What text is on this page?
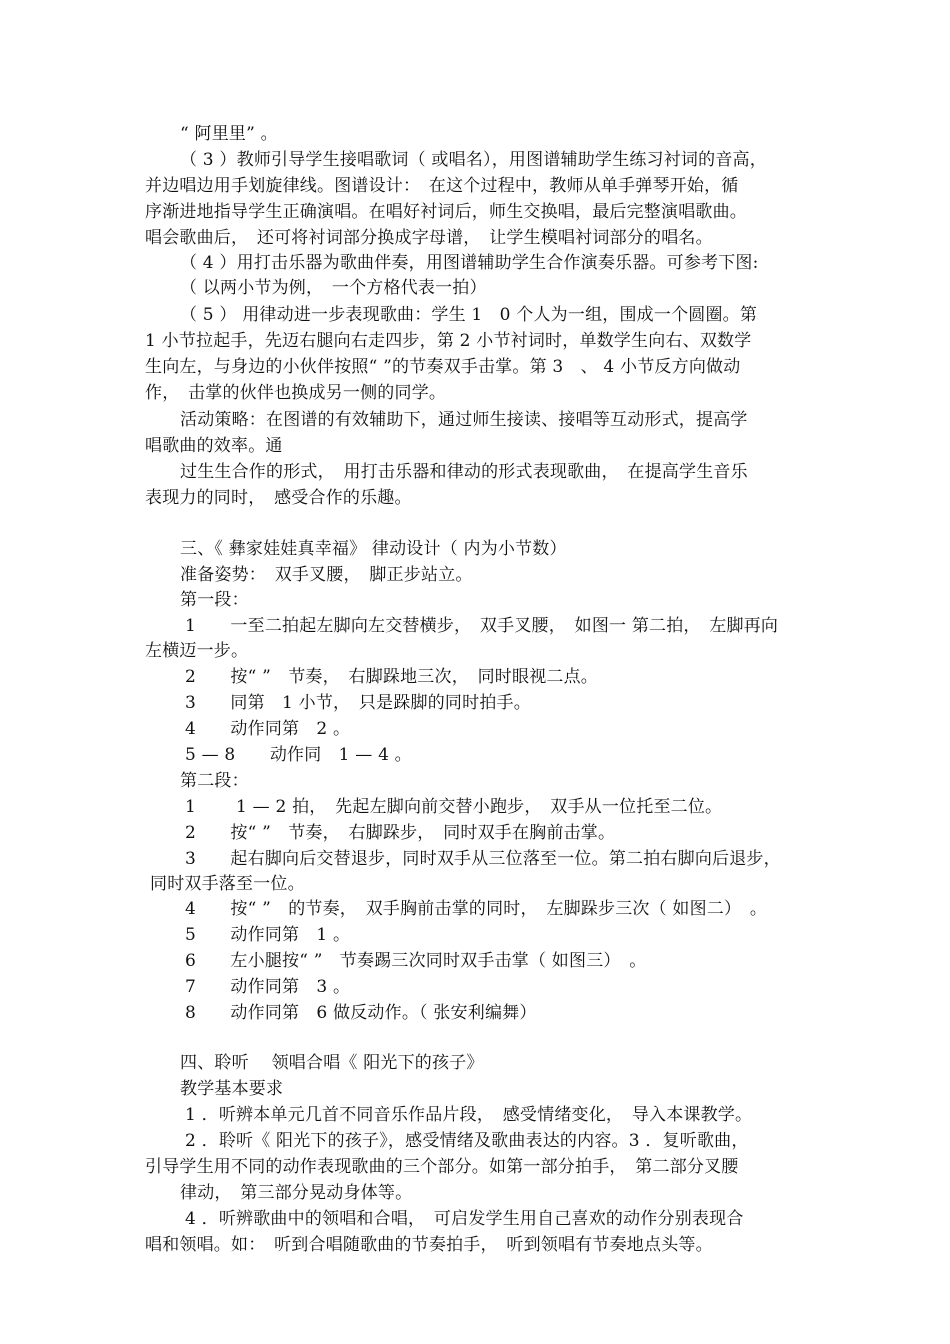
“ 阿里里” 。
（ 3 ）教师引导学生接唱歌词（ 或唱名），用图谱辅助学生练习衬词的音高，
并边唱边用手划旋律线。图谱设计：　在这个过程中，教师从单手弹琴开始，循
序渐进地指导学生正确演唱。在唱好衬词后，师生交换唱，最后完整演唱歌曲。
唱会歌曲后，　还可将衬词部分换成字母谱，　让学生模唱衬词部分的唱名。
（ 4 ）用打击乐器为歌曲伴奏，用图谱辅助学生合作演奏乐器。可参考下图:
（ 以两小节为例，　一个方格代表一拍）
（ 5 ） 用律动进一步表现歌曲：学生 1　0 个人为一组，围成一个圆圈。第
1 小节拉起手，先迈右腿向右走四步，第 2 小节衬词时，单数学生向右、双数学
生向左，与身边的小伙伴按照“ ”的节奏双手击掌。第 3　、 4 小节反方向做动
作，　击掌的伙伴也换成另一侧的同学。
活动策略：在图谱的有效辅助下，通过师生接读、接唱等互动形式，提高学
唱歌曲的效率。通
过生生合作的形式，　用打击乐器和律动的形式表现歌曲，　在提高学生音乐
表现力的同时，　感受合作的乐趣。
三、《 彝家娃娃真幸福》 律动设计（ 内为小节数）
准备姿势：　双手叉腰，　脚正步站立。
第一段：
1　　一至二拍起左脚向左交替横步，　双手叉腰，　如图一 第二拍，　左脚再向
左横迈一步。
2　　按“ ”　节奏，　右脚跺地三次，　同时眼视二点。
3　　同第　1 小节，　只是跺脚的同时拍手。
4　　动作同第　2 。
5 — 8　　动作同　1 — 4 。
第二段：
1　　 1 — 2 拍，　先起左脚向前交替小跑步，　双手从一位托至二位。
2　　按“ ”　节奏，　右脚跺步，　同时双手在胸前击掌。
3　　起右脚向后交替退步，同时双手从三位落至一位。第二拍右脚向后退步，
同时双手落至一位。
4　　按“ ”　的节奏，　双手胸前击掌的同时，　左脚跺步三次（ 如图二）　。
5　　动作同第　1 。
6　　左小腿按“ ”　节奏踢三次同时双手击掌（ 如图三）　。
7　　动作同第　3 。
8　　动作同第　6 做反动作。（ 张安利编舞）
四、聆听　 领唱合唱《 阳光下的孩子》
教学基本要求
1 ．听辨本单元几首不同音乐作品片段，　感受情绪变化，　导入本课教学。
2 ．聆听《 阳光下的孩子》，感受情绪及歌曲表达的内容。3 ．复听歌曲，
引导学生用不同的动作表现歌曲的三个部分。如第一部分拍手，　第二部分叉腰
律动，　第三部分晃动身体等。
4 ．听辨歌曲中的领唱和合唱，　可启发学生用自己喜欢的动作分别表现合
唱和领唱。如：　听到合唱随歌曲的节奏拍手，　听到领唱有节奏地点头等。
